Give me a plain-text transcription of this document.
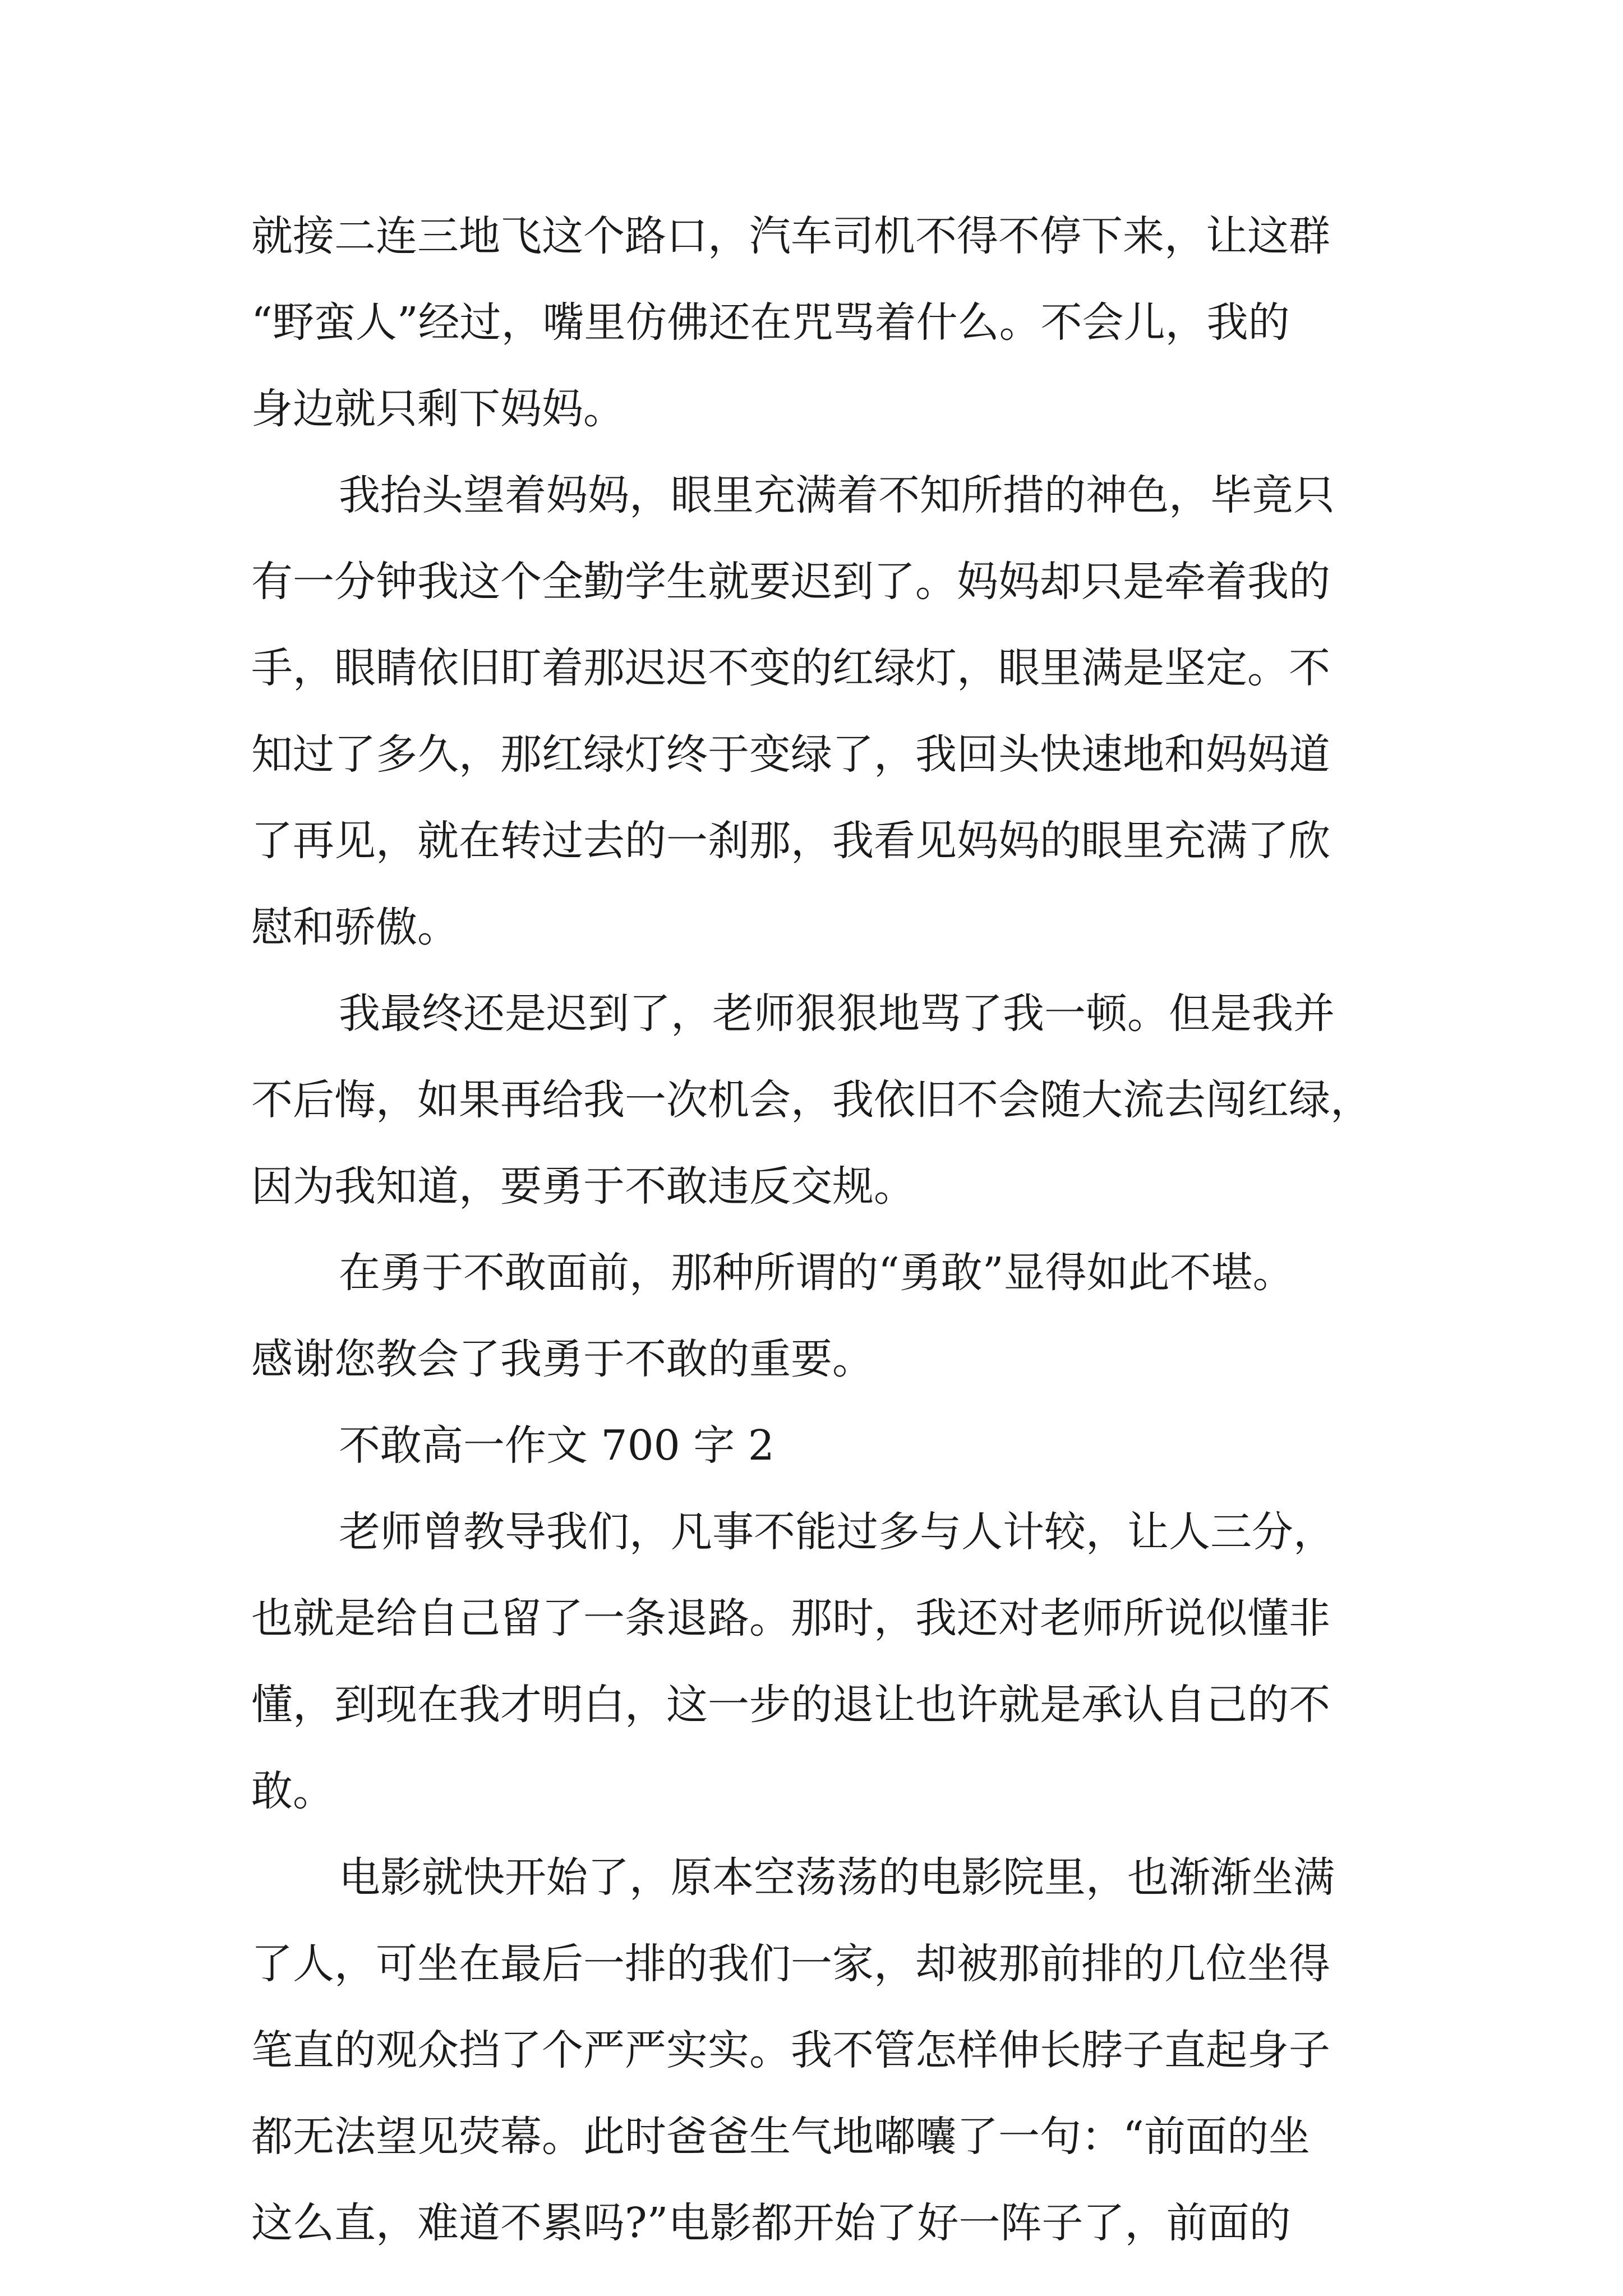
就接二连三地飞这个路口，汽车司机不得不停下来，让这群
“野蛮人”经过，嘴里仿佛还在咒骂着什么。不会儿，我的
身边就只剩下妈妈。
我抬头望着妈妈，眼里充满着不知所措的神色，毕竟只
有一分钟我这个全勤学生就要迟到了。妈妈却只是牵着我的
手，眼睛依旧盯着那迟迟不变的红绿灯，眼里满是坚定。不
知过了多久，那红绿灯终于变绿了，我回头快速地和妈妈道
了再见，就在转过去的一刹那，我看见妈妈的眼里充满了欣
慰和骄傲。
我最终还是迟到了，老师狠狠地骂了我一顿。但是我并
不后悔，如果再给我一次机会，我依旧不会随大流去闯红绿，
因为我知道，要勇于不敢违反交规。
在勇于不敢面前，那种所谓的“勇敢”显得如此不堪。
感谢您教会了我勇于不敢的重要。
不敢高一作文 700 字 2
老师曾教导我们，凡事不能过多与人计较，让人三分，
也就是给自己留了一条退路。那时，我还对老师所说似懂非
懂，到现在我才明白，这一步的退让也许就是承认自己的不
敢。
电影就快开始了，原本空荡荡的电影院里，也渐渐坐满
了人，可坐在最后一排的我们一家，却被那前排的几位坐得
笔直的观众挡了个严严实实。我不管怎样伸长脖子直起身子
都无法望见荧幕。此时爸爸生气地嘟囔了一句：“前面的坐
这么直，难道不累吗?”电影都开始了好一阵子了，前面的
